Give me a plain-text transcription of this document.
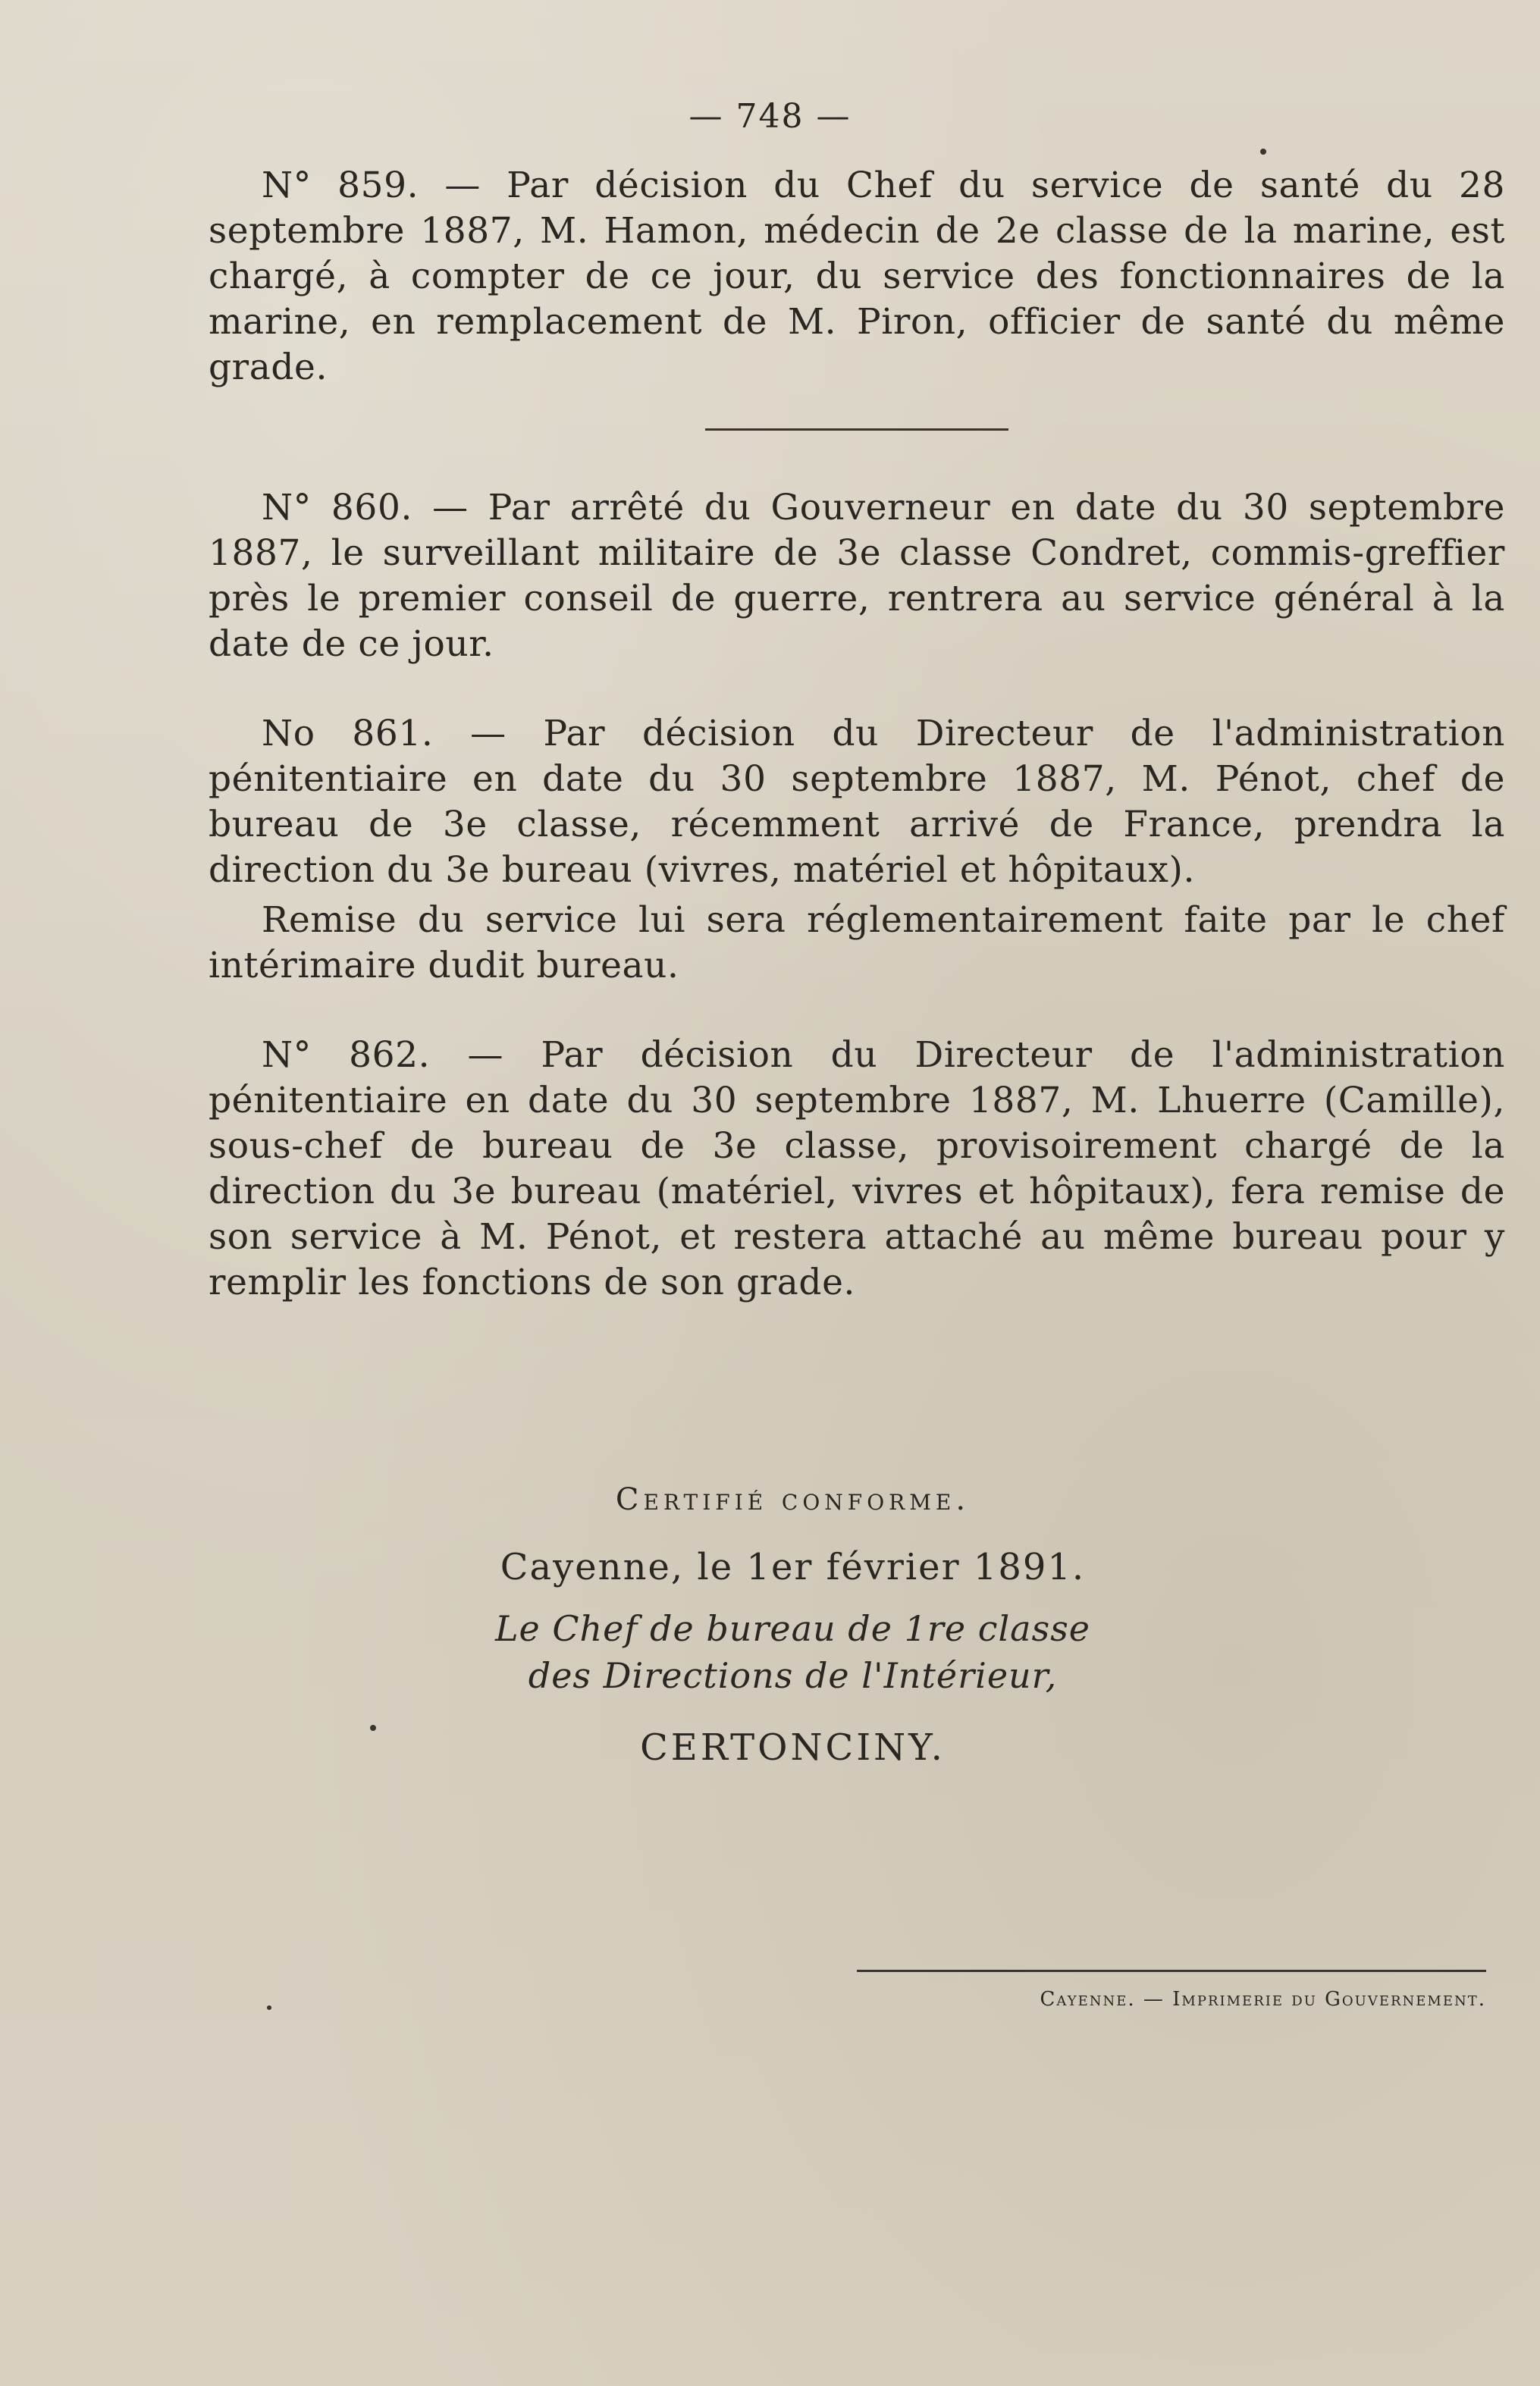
— 748 —

N° 859. — Par décision du Chef du service de santé du 28 septembre 1887, M. Hamon, médecin de 2e classe de la marine, est chargé, à compter de ce jour, du service des fonctionnaires de la marine, en remplacement de M. Piron, officier de santé du même grade.

N° 860. — Par arrêté du Gouverneur en date du 30 septembre 1887, le surveillant militaire de 3e classe Condret, commis-greffier près le premier conseil de guerre, rentrera au service général à la date de ce jour.

No 861. — Par décision du Directeur de l'administration pénitentiaire en date du 30 septembre 1887, M. Pénot, chef de bureau de 3e classe, récemment arrivé de France, prendra la direction du 3e bureau (vivres, matériel et hôpitaux).

Remise du service lui sera réglementairement faite par le chef intérimaire dudit bureau.

N° 862. — Par décision du Directeur de l'administration pénitentiaire en date du 30 septembre 1887, M. Lhuerre (Camille), sous-chef de bureau de 3e classe, provisoirement chargé de la direction du 3e bureau (matériel, vivres et hôpitaux), fera remise de son service à M. Pénot, et restera attaché au même bureau pour y remplir les fonctions de son grade.

Certifié conforme.
Cayenne, le 1er février 1891.
Le Chef de bureau de 1re classe
des Directions de l'Intérieur,
CERTONCINY.
Cayenne. — Imprimerie du Gouvernement.
